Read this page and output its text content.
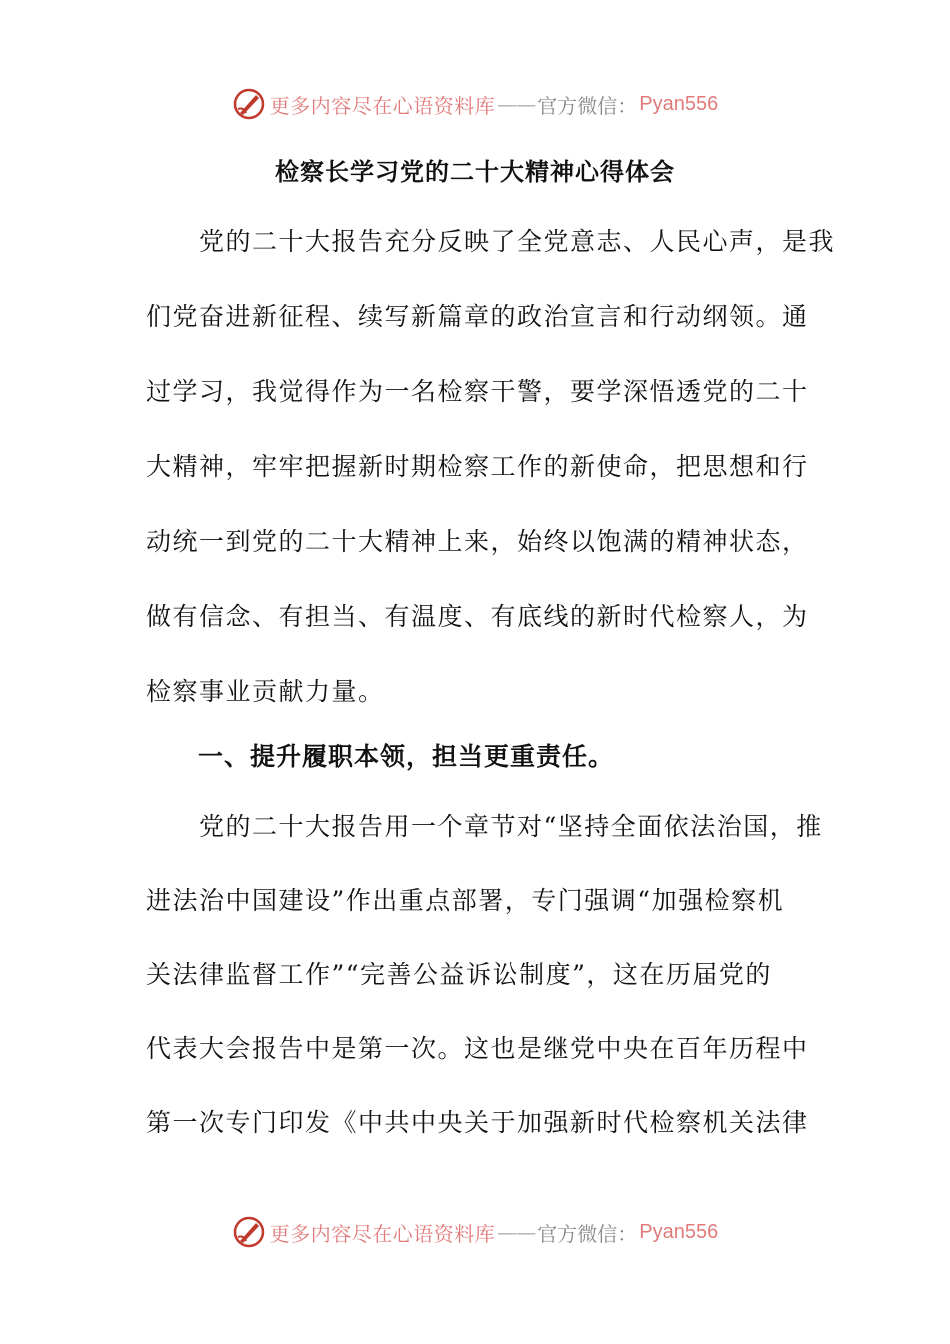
更多内容尽在心语资料库 —— 官方微信： Pyan556
检察长学习党的二十大精神心得体会
　　党的二十大报告充分反映了全党意志、人民心声，是我
们党奋进新征程、续写新篇章的政治宣言和行动纲领。通
过学习，我觉得作为一名检察干警，要学深悟透党的二十
大精神，牢牢把握新时期检察工作的新使命，把思想和行
动统一到党的二十大精神上来，始终以饱满的精神状态，
做有信念、有担当、有温度、有底线的新时代检察人，为
检察事业贡献力量。
　　一、提升履职本领，担当更重责任。
　　党的二十大报告用一个章节对“坚持全面依法治国，推
进法治中国建设”作出重点部署，专门强调“加强检察机
关法律监督工作”“完善公益诉讼制度”，这在历届党的
代表大会报告中是第一次。这也是继党中央在百年历程中
第一次专门印发《中共中央关于加强新时代检察机关法律
更多内容尽在心语资料库 —— 官方微信： Pyan556
